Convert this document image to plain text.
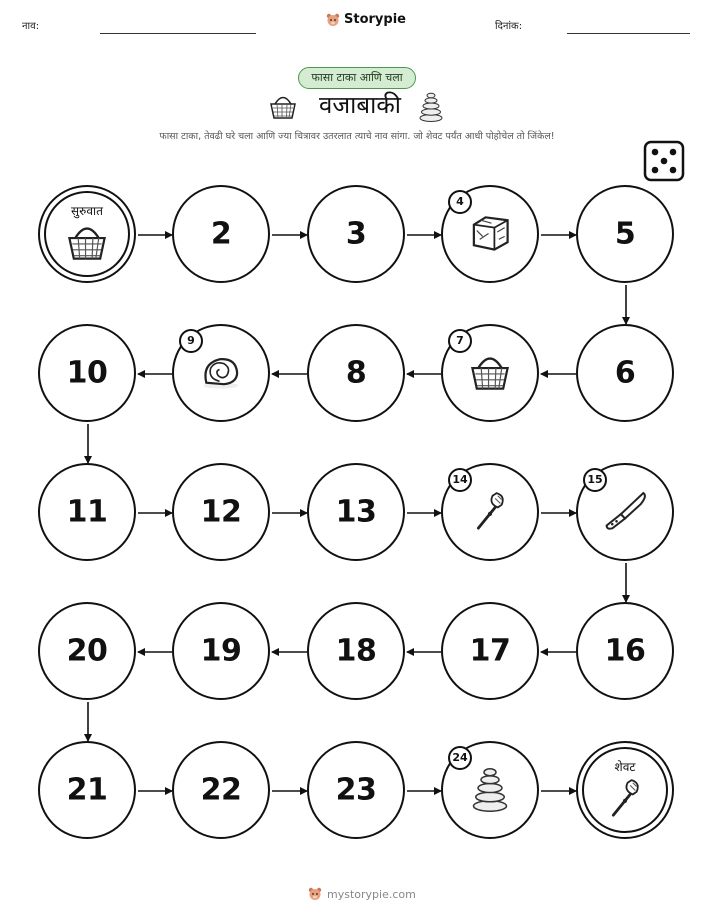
नाव:	Storypie	दिनांक:
फासा टाका आणि चला
वजाबाकी
फासा टाका, तेवढी घरे चला आणि ज्या चित्रावर उतरलात त्याचे नाव सांगा. जो शेवट पर्यंत आधी पोहोचेल तो जिंकेल!
सुरुवात
2	3
4
5
6
7
8
9
10
11	12	13
14	15
16
17
18
19
20
21	22	23
24
शेवट
mystorypie.com
